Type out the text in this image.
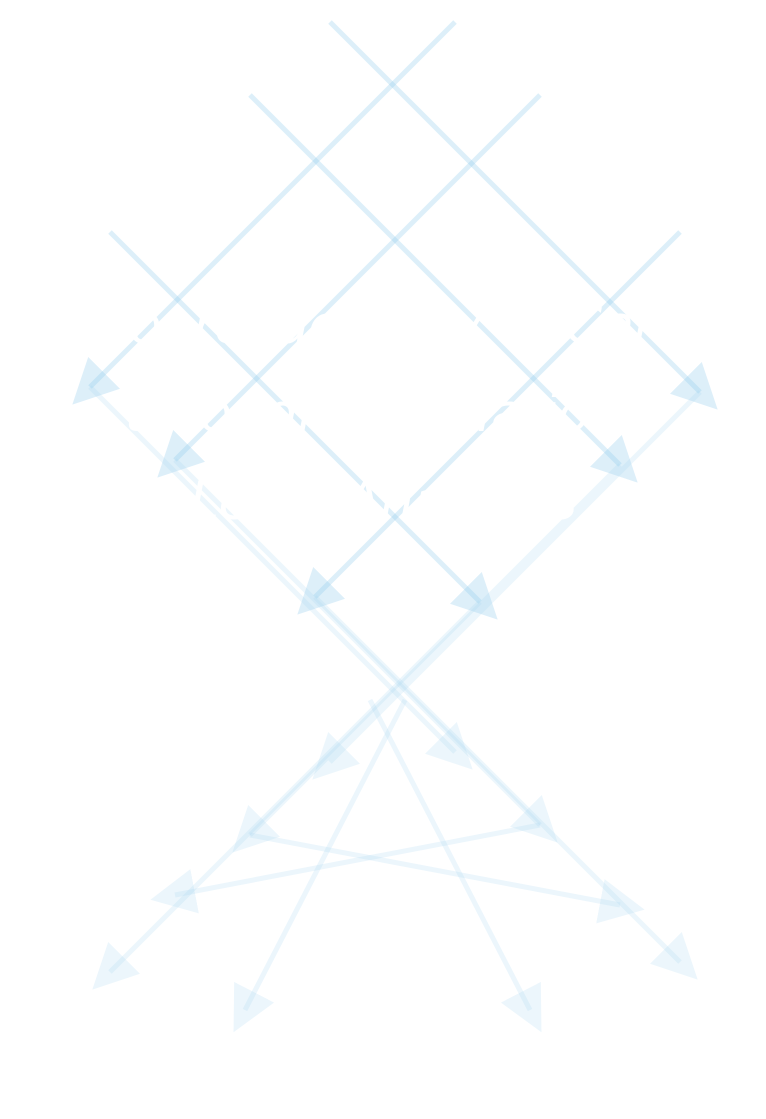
Bioarchaeology of Care
through Population-
Level Analyses
EDITED BY
Alecia Schrenk and Lori A. Tremblay
